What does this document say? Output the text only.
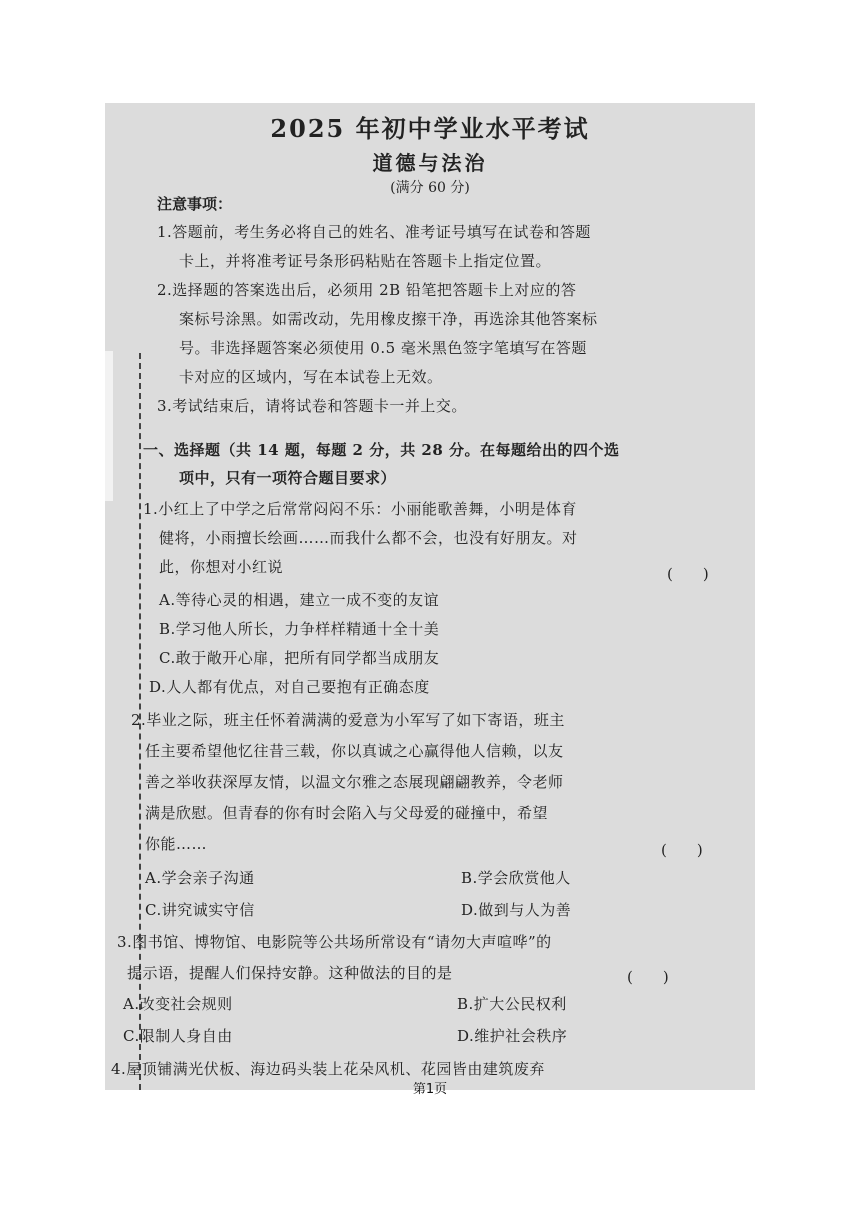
2025 年初中学业水平考试
道德与法治
(满分 60 分)
注意事项：
1.答题前，考生务必将自己的姓名、准考证号填写在试卷和答题
卡上，并将准考证号条形码粘贴在答题卡上指定位置。
2.选择题的答案选出后，必须用 2B 铅笔把答题卡上对应的答
案标号涂黑。如需改动，先用橡皮擦干净，再选涂其他答案标
号。非选择题答案必须使用 0.5 毫米黑色签字笔填写在答题
卡对应的区域内，写在本试卷上无效。
3.考试结束后，请将试卷和答题卡一并上交。
一、选择题（共 14 题，每题 2 分，共 28 分。在每题给出的四个选
项中，只有一项符合题目要求）
1.小红上了中学之后常常闷闷不乐：小丽能歌善舞，小明是体育
健将，小雨擅长绘画……而我什么都不会，也没有好朋友。对
此，你想对小红说	(　　)
A.等待心灵的相遇，建立一成不变的友谊
B.学习他人所长，力争样样精通十全十美
C.敢于敞开心扉，把所有同学都当成朋友
D.人人都有优点，对自己要抱有正确态度
2.毕业之际，班主任怀着满满的爱意为小军写了如下寄语，班主
任主要希望他忆往昔三载，你以真诚之心赢得他人信赖，以友
善之举收获深厚友情，以温文尔雅之态展现翩翩教养，令老师
满是欣慰。但青春的你有时会陷入与父母爱的碰撞中，希望
你能……	(　　)
A.学会亲子沟通	B.学会欣赏他人
C.讲究诚实守信	D.做到与人为善
3.图书馆、博物馆、电影院等公共场所常设有“请勿大声喧哗”的
提示语，提醒人们保持安静。这种做法的目的是	(　　)
A.改变社会规则	B.扩大公民权利
C.限制人身自由	D.维护社会秩序
4.屋顶铺满光伏板、海边码头装上花朵风机、花园皆由建筑废弃
第1页
